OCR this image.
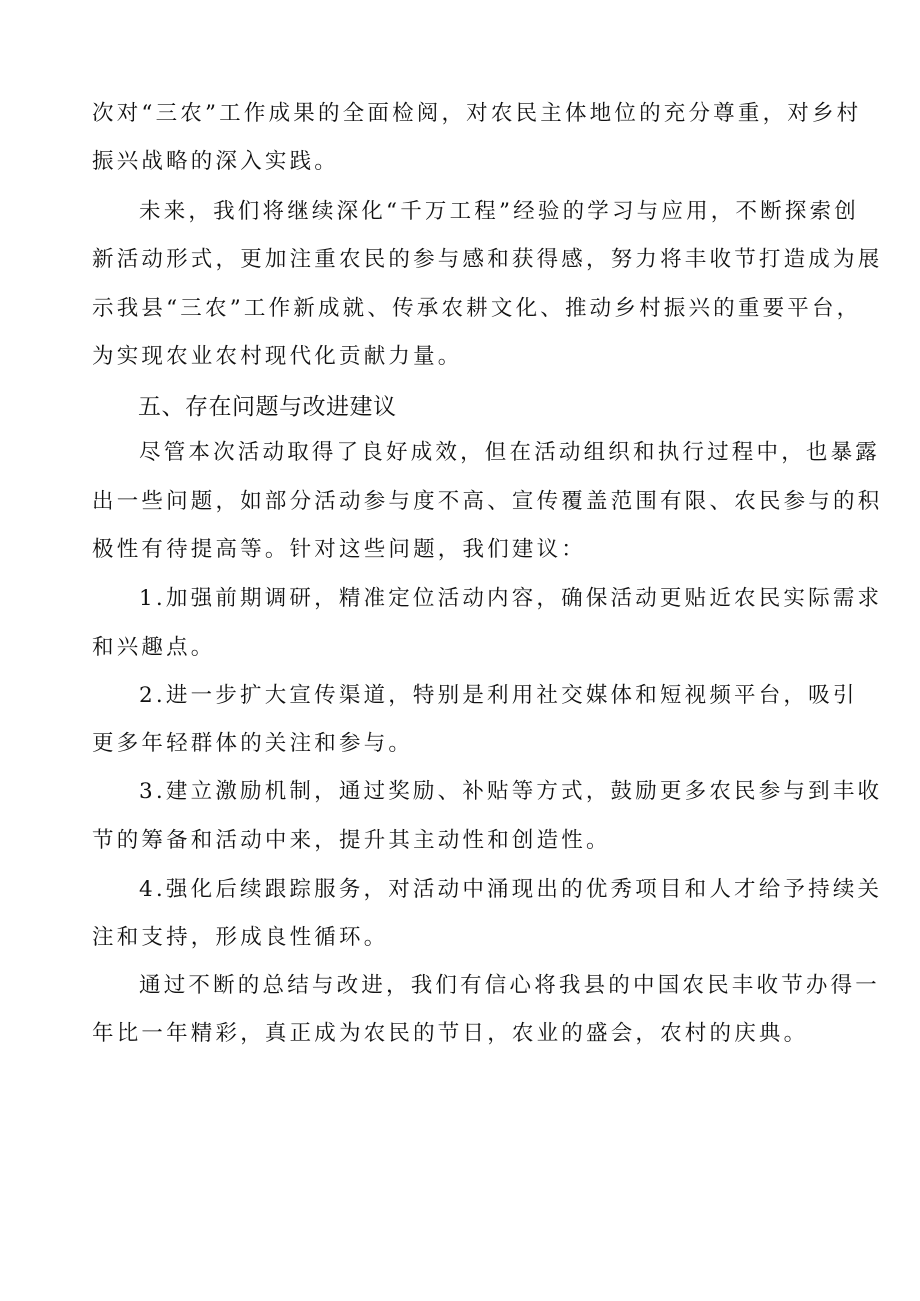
次对“三农”工作成果的全面检阅，对农民主体地位的充分尊重，对乡村
振兴战略的深入实践。
未来，我们将继续深化“千万工程”经验的学习与应用，不断探索创
新活动形式，更加注重农民的参与感和获得感，努力将丰收节打造成为展
示我县“三农”工作新成就、传承农耕文化、推动乡村振兴的重要平台，
为实现农业农村现代化贡献力量。
五、存在问题与改进建议
尽管本次活动取得了良好成效，但在活动组织和执行过程中，也暴露
出一些问题，如部分活动参与度不高、宣传覆盖范围有限、农民参与的积
极性有待提高等。针对这些问题，我们建议：
1.加强前期调研，精准定位活动内容，确保活动更贴近农民实际需求
和兴趣点。
2.进一步扩大宣传渠道，特别是利用社交媒体和短视频平台，吸引
更多年轻群体的关注和参与。
3.建立激励机制，通过奖励、补贴等方式，鼓励更多农民参与到丰收
节的筹备和活动中来，提升其主动性和创造性。
4.强化后续跟踪服务，对活动中涌现出的优秀项目和人才给予持续关
注和支持，形成良性循环。
通过不断的总结与改进，我们有信心将我县的中国农民丰收节办得一
年比一年精彩，真正成为农民的节日，农业的盛会，农村的庆典。
